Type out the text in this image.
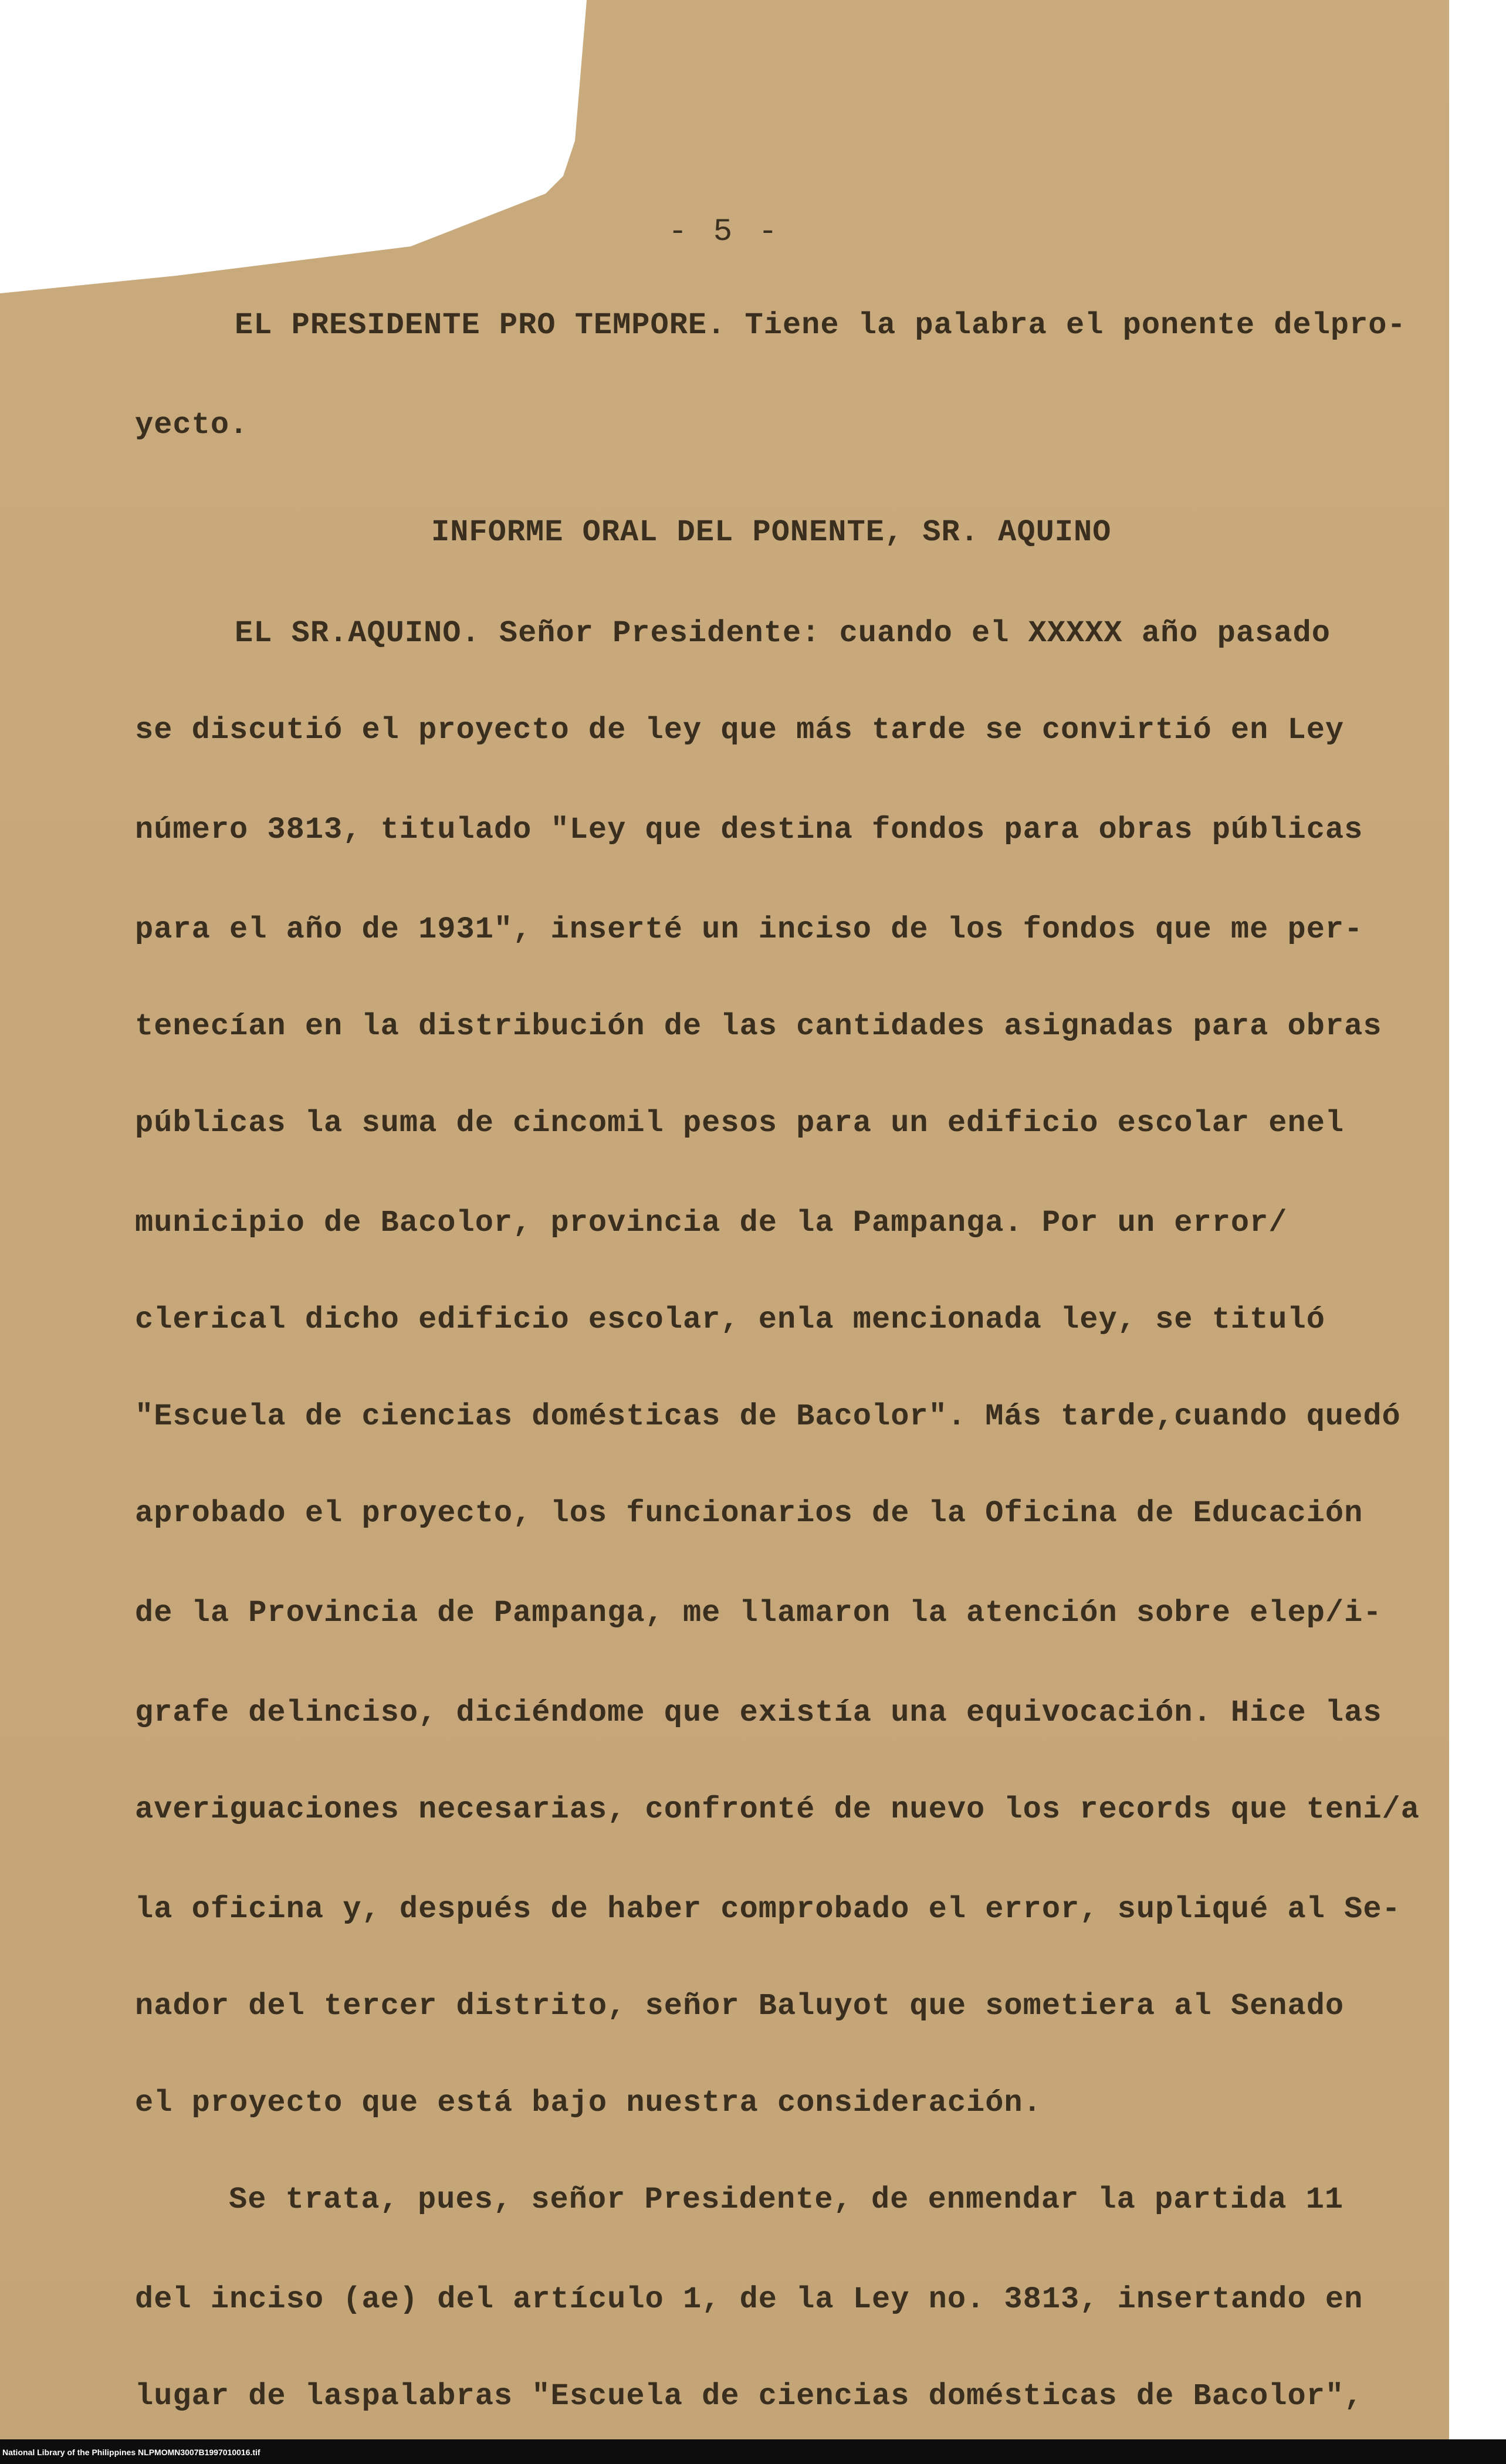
- 5 -
EL PRESIDENTE PRO TEMPORE. Tiene la palabra el ponente delpro-
yecto.
INFORME ORAL DEL PONENTE, SR. AQUINO
EL SR.AQUINO. Señor Presidente: cuando el XXXXX año pasado
se discutió el proyecto de ley que más tarde se convirtió en Ley
número 3813, titulado "Ley que destina fondos para obras públicas
para el año de 1931", inserté un inciso de los fondos que me per-
tenecían en la distribución de las cantidades asignadas para obras
públicas la suma de cincomil pesos para un edificio escolar enel
municipio de Bacolor, provincia de la Pampanga. Por un error/
clerical dicho edificio escolar, enla mencionada ley, se tituló
"Escuela de ciencias domésticas de Bacolor". Más tarde,cuando quedó
aprobado el proyecto, los funcionarios de la Oficina de Educación
de la Provincia de Pampanga, me llamaron la atención sobre elep/i-
grafe delinciso, diciéndome que existía una equivocación. Hice las
averiguaciones necesarias, confronté de nuevo los records que teni/a
la oficina y, después de haber comprobado el error, supliqué al Se-
nador del tercer distrito, señor Baluyot que sometiera al Senado
el proyecto que está bajo nuestra consideración.
Se trata, pues, señor Presidente, de enmendar la partida 11
del inciso (ae) del artículo 1, de la Ley no. 3813, insertando en
lugar de laspalabras "Escuela de ciencias domésticas de Bacolor",
National Library of the Philippines NLPMOMN3007B1997010016.tif
